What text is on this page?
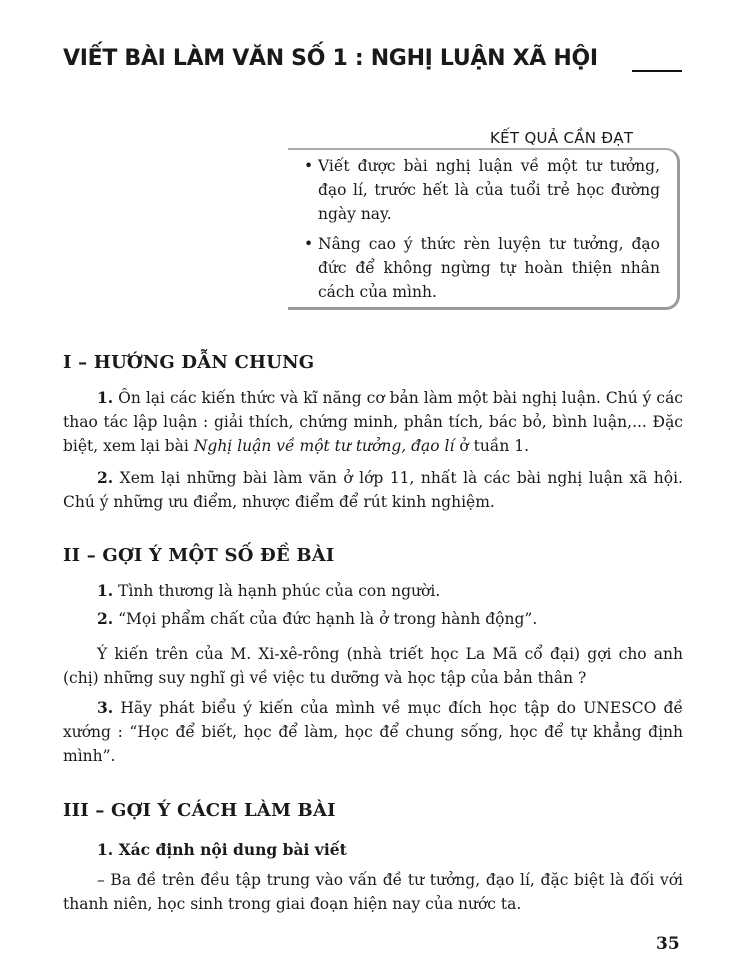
VIẾT BÀI LÀM VĂN SỐ 1 : NGHỊ LUẬN XÃ HỘI
KẾT QUẢ CẦN ĐẠT
• Viết được bài nghị luận về một tư tưởng, đạo lí, trước hết là của tuổi trẻ học đường ngày nay.
• Nâng cao ý thức rèn luyện tư tưởng, đạo đức để không ngừng tự hoàn thiện nhân cách của mình.
I – HƯỚNG DẪN CHUNG

1. Ôn lại các kiến thức và kĩ năng cơ bản làm một bài nghị luận. Chú ý các thao tác lập luận : giải thích, chứng minh, phân tích, bác bỏ, bình luận,... Đặc biệt, xem lại bài Nghị luận về một tư tưởng, đạo lí ở tuần 1.

2. Xem lại những bài làm văn ở lớp 11, nhất là các bài nghị luận xã hội. Chú ý những ưu điểm, nhược điểm để rút kinh nghiệm.

II – GỢI Ý MỘT SỐ ĐỀ BÀI

1. Tình thương là hạnh phúc của con người.

2. “Mọi phẩm chất của đức hạnh là ở trong hành động”.

Ý kiến trên của M. Xi-xê-rông (nhà triết học La Mã cổ đại) gợi cho anh (chị) những suy nghĩ gì về việc tu dưỡng và học tập của bản thân ?

3. Hãy phát biểu ý kiến của mình về mục đích học tập do UNESCO đề xướng : “Học để biết, học để làm, học để chung sống, học để tự khẳng định mình”.

III – GỢI Ý CÁCH LÀM BÀI
1. Xác định nội dung bài viết

– Ba đề trên đều tập trung vào vấn đề tư tưởng, đạo lí, đặc biệt là đối với thanh niên, học sinh trong giai đoạn hiện nay của nước ta.

35
